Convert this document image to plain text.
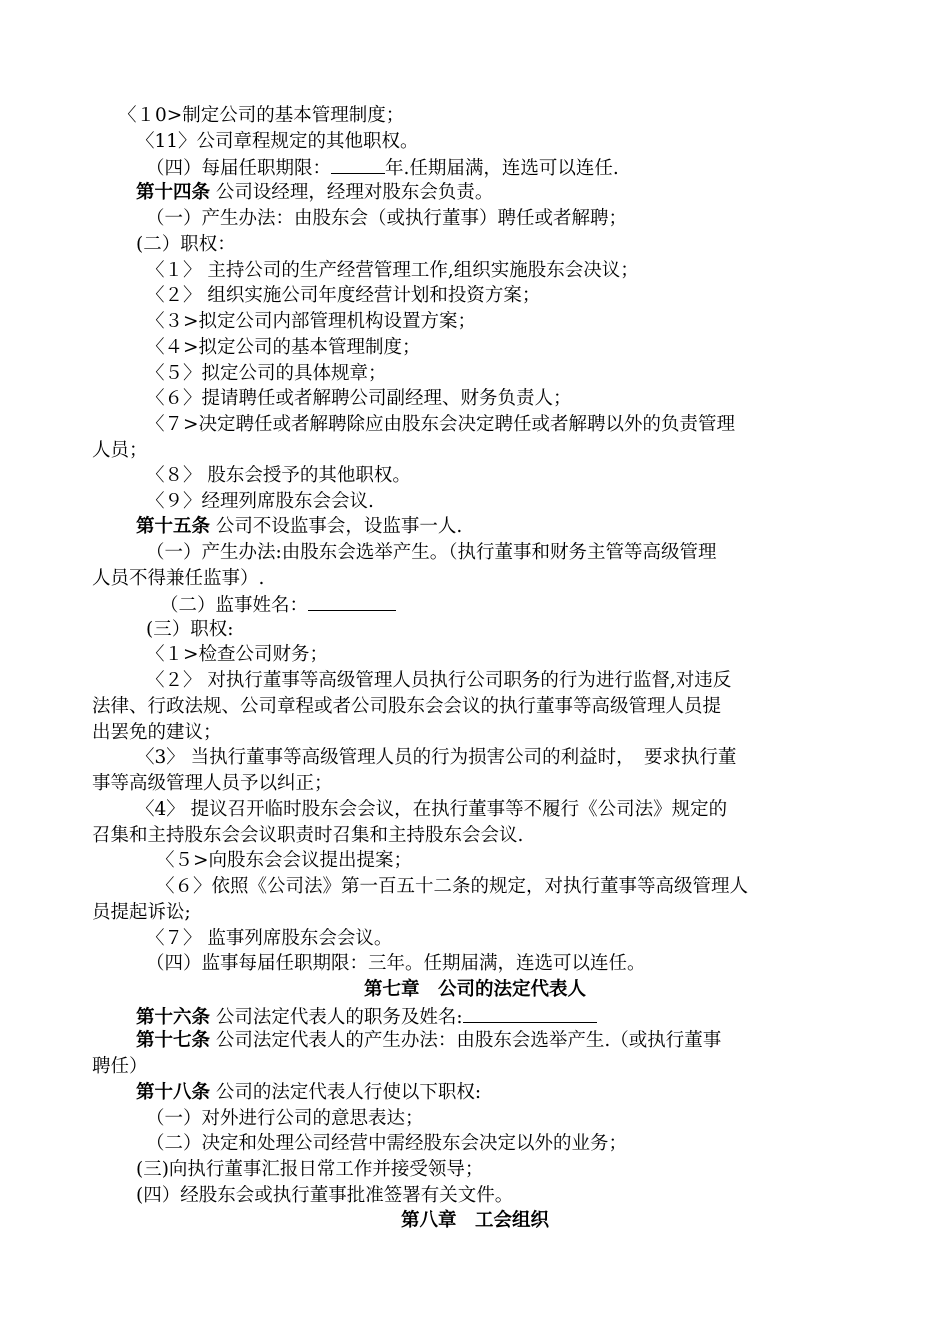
〈１0>制定公司的基本管理制度；
〈11〉公司章程规定的其他职权。
（四）每届任职期限：	年.任期届满，连选可以连任.
第十四条 公司设经理，经理对股东会负责。
（一）产生办法：由股东会（或执行董事）聘任或者解聘；
(二）职权：
〈１〉 主持公司的生产经营管理工作,组织实施股东会决议；
〈２〉 组织实施公司年度经营计划和投资方案；
〈３>拟定公司内部管理机构设置方案；
〈４>拟定公司的基本管理制度；
〈５〉拟定公司的具体规章；
〈６〉提请聘任或者解聘公司副经理、财务负责人；
〈７>决定聘任或者解聘除应由股东会决定聘任或者解聘以外的负责管理
人员；
〈８〉 股东会授予的其他职权。
〈９〉经理列席股东会会议.
第十五条 公司不设监事会，设监事一人.
（一）产生办法:由股东会选举产生。（执行董事和财务主管等高级管理
人员不得兼任监事）.
（二）监事姓名：
(三）职权:
〈１>检查公司财务；
〈２〉 对执行董事等高级管理人员执行公司职务的行为进行监督,对违反
法律、行政法规、公司章程或者公司股东会会议的执行董事等高级管理人员提
出罢免的建议；
〈3〉 当执行董事等高级管理人员的行为损害公司的利益时，　要求执行董
事等高级管理人员予以纠正；
〈4〉 提议召开临时股东会会议，在执行董事等不履行《公司法》规定的
召集和主持股东会会议职责时召集和主持股东会会议.
〈５>向股东会会议提出提案；
〈６〉依照《公司法》第一百五十二条的规定，对执行董事等高级管理人
员提起诉讼;
〈７〉 监事列席股东会会议。
（四）监事每届任职期限：三年。任期届满，连选可以连任。
第七章　公司的法定代表人
第十六条 公司法定代表人的职务及姓名:
第十七条 公司法定代表人的产生办法：由股东会选举产生.（或执行董事
聘任）
第十八条 公司的法定代表人行使以下职权:
（一）对外进行公司的意思表达；
（二）决定和处理公司经营中需经股东会决定以外的业务；
(三)向执行董事汇报日常工作并接受领导；
(四）经股东会或执行董事批准签署有关文件。
第八章　工会组织
